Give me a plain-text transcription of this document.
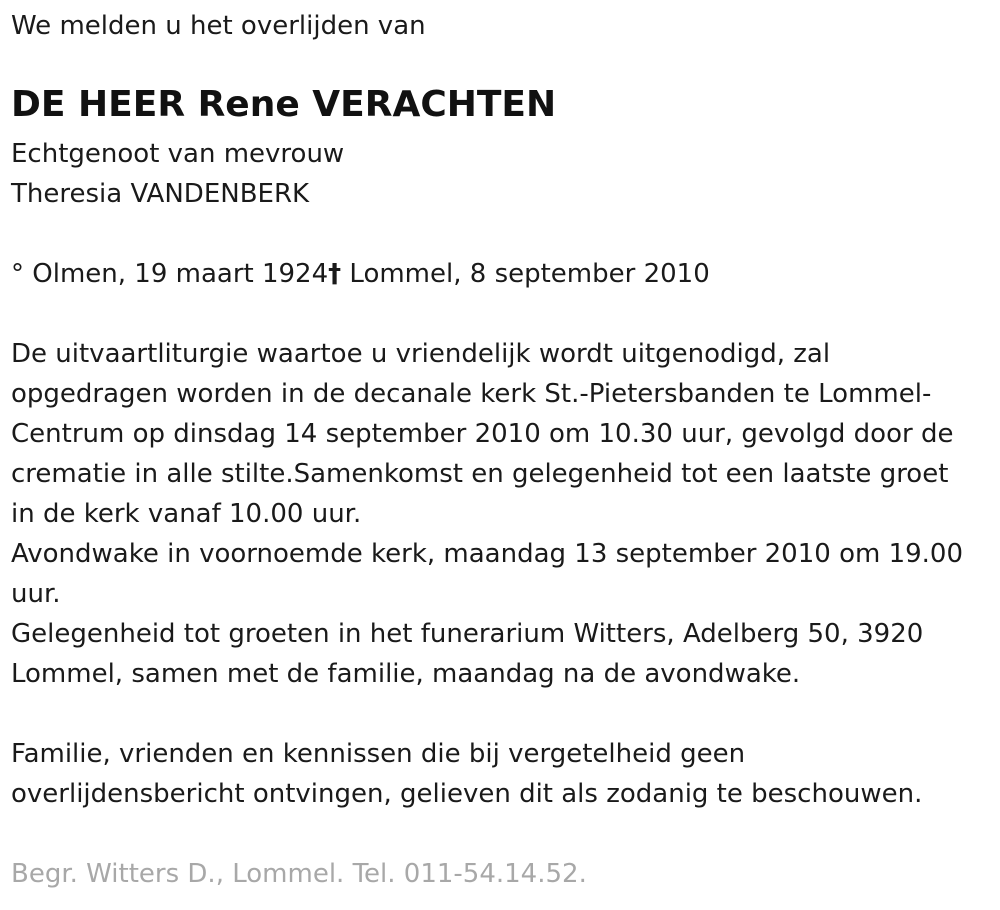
We melden u het overlijden van
DE HEER Rene VERACHTEN
Echtgenoot van mevrouw
Theresia VANDENBERK
° Olmen, 19 maart 1924† Lommel, 8 september 2010
De uitvaartliturgie waartoe u vriendelijk wordt uitgenodigd, zal
opgedragen worden in de decanale kerk St.-Pietersbanden te Lommel-
Centrum op dinsdag 14 september 2010 om 10.30 uur, gevolgd door de
crematie in alle stilte.Samenkomst en gelegenheid tot een laatste groet
in de kerk vanaf 10.00 uur.
Avondwake in voornoemde kerk, maandag 13 september 2010 om 19.00
uur.
Gelegenheid tot groeten in het funerarium Witters, Adelberg 50, 3920
Lommel, samen met de familie, maandag na de avondwake.
Familie, vrienden en kennissen die bij vergetelheid geen
overlijdensbericht ontvingen, gelieven dit als zodanig te beschouwen.
Begr. Witters D., Lommel. Tel. 011-54.14.52.
